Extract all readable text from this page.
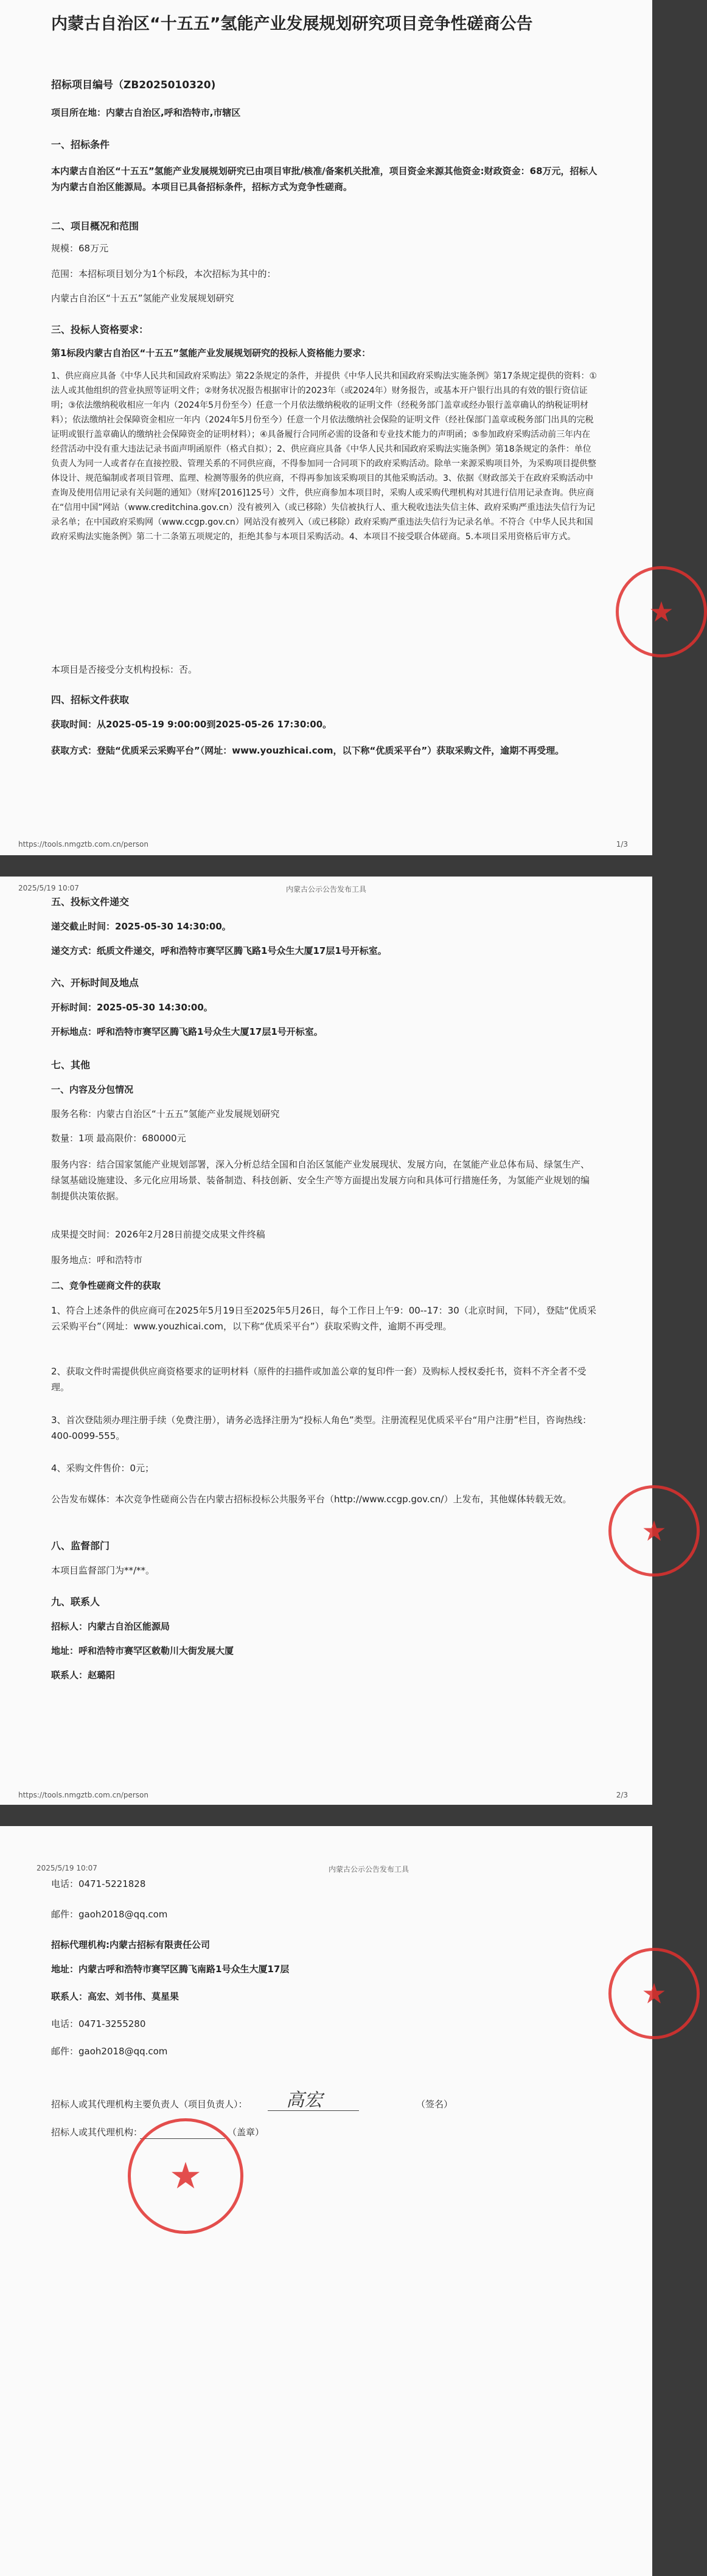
内蒙古自治区“十五五”氢能产业发展规划研究项目竞争性磋商公告
招标项目编号（ZB2025010320)
项目所在地：内蒙古自治区,呼和浩特市,市辖区
一、招标条件
本内蒙古自治区“十五五”氢能产业发展规划研究已由项目审批/核准/备案机关批准，项目资金来源其他资金:财政资金：68万元，招标人为内蒙古自治区能源局。本项目已具备招标条件，招标方式为竞争性磋商。
二、项目概况和范围
规模：68万元
范围：本招标项目划分为1个标段，本次招标为其中的：
内蒙古自治区“十五五”氢能产业发展规划研究
三、投标人资格要求：
第1标段内蒙古自治区“十五五”氢能产业发展规划研究的投标人资格能力要求：
1、供应商应具备《中华人民共和国政府采购法》第22条规定的条件，并提供《中华人民共和国政府采购法实施条例》第17条规定提供的资料：①法人或其他组织的营业执照等证明文件；②财务状况报告根据审计的2023年（或2024年）财务报告，或基本开户银行出具的有效的银行资信证明；③依法缴纳税收相应一年内（2024年5月份至今）任意一个月依法缴纳税收的证明文件（经税务部门盖章或经办银行盖章确认的纳税证明材料）；依法缴纳社会保障资金相应一年内（2024年5月份至今）任意一个月依法缴纳社会保险的证明文件（经社保部门盖章或税务部门出具的完税证明或银行盖章确认的缴纳社会保障资金的证明材料）；④具备履行合同所必需的设备和专业技术能力的声明函；⑤参加政府采购活动前三年内在经营活动中没有重大违法记录书面声明函原件（格式自拟）；2、供应商应具备《中华人民共和国政府采购法实施条例》第18条规定的条件：单位负责人为同一人或者存在直接控股、管理关系的不同供应商，不得参加同一合同项下的政府采购活动。除单一来源采购项目外，为采购项目提供整体设计、规范编制或者项目管理、监理、检测等服务的供应商，不得再参加该采购项目的其他采购活动。3、依据《财政部关于在政府采购活动中查询及使用信用记录有关问题的通知》（财库[2016]125号）文件，供应商参加本项目时，采购人或采购代理机构对其进行信用记录查询。供应商在“信用中国”网站（www.creditchina.gov.cn）没有被列入（或已移除）失信被执行人、重大税收违法失信主体、政府采购严重违法失信行为记录名单；在中国政府采购网（www.ccgp.gov.cn）网站没有被列入（或已移除）政府采购严重违法失信行为记录名单。不符合《中华人民共和国政府采购法实施条例》第二十二条第五项规定的，拒绝其参与本项目采购活动。4、本项目不接受联合体磋商。5.本项目采用资格后审方式。
本项目是否接受分支机构投标：否。
四、招标文件获取
获取时间：从2025-05-19 9:00:00到2025-05-26 17:30:00。
获取方式：登陆“优质采云采购平台”（网址：www.youzhicai.com，以下称“优质采平台”）获取采购文件，逾期不再受理。
https://tools.nmgztb.com.cn/person	1/3
★
2025/5/19 10:07	内蒙古公示公告发布工具
五、投标文件递交
递交截止时间：2025-05-30 14:30:00。
递交方式：纸质文件递交，呼和浩特市赛罕区腾飞路1号众生大厦17层1号开标室。
六、开标时间及地点
开标时间：2025-05-30 14:30:00。
开标地点：呼和浩特市赛罕区腾飞路1号众生大厦17层1号开标室。
七、其他
一、内容及分包情况
服务名称：内蒙古自治区“十五五”氢能产业发展规划研究
数量：1项 最高限价：680000元
服务内容：结合国家氢能产业规划部署，深入分析总结全国和自治区氢能产业发展现状、发展方向，在氢能产业总体布局、绿氢生产、绿氢基础设施建设、多元化应用场景、装备制造、科技创新、安全生产等方面提出发展方向和具体可行措施任务，为氢能产业规划的编制提供决策依据。
成果提交时间：2026年2月28日前提交成果文件终稿
服务地点：呼和浩特市
二、竞争性磋商文件的获取
1、符合上述条件的供应商可在2025年5月19日至2025年5月26日，每个工作日上午9：00--17：30（北京时间，下同），登陆“优质采云采购平台”（网址：www.youzhicai.com，以下称“优质采平台”）获取采购文件，逾期不再受理。
2、获取文件时需提供供应商资格要求的证明材料（原件的扫描件或加盖公章的复印件一套）及购标人授权委托书，资料不齐全者不受理。
3、首次登陆须办理注册手续（免费注册），请务必选择注册为“投标人角色”类型。注册流程见优质采平台“用户注册”栏目，咨询热线：400-0099-555。
4、采购文件售价：0元；
公告发布媒体：本次竞争性磋商公告在内蒙古招标投标公共服务平台（http://www.ccgp.gov.cn/）上发布，其他媒体转载无效。
八、监督部门
本项目监督部门为**/**。
九、联系人
招标人：内蒙古自治区能源局
地址：呼和浩特市赛罕区敕勒川大街发展大厦
联系人：赵璐阳
https://tools.nmgztb.com.cn/person	2/3
★
2025/5/19 10:07	内蒙古公示公告发布工具
电话：0471-5221828
邮件：gaoh2018@qq.com
招标代理机构:内蒙古招标有限责任公司
地址：内蒙古呼和浩特市赛罕区腾飞南路1号众生大厦17层
联系人：高宏、刘书伟、莫星果
电话：0471-3255280
邮件：gaoh2018@qq.com
招标人或其代理机构主要负责人（项目负责人）：	（签名）
招标人或其代理机构：	（盖章）
高宏
★
★
